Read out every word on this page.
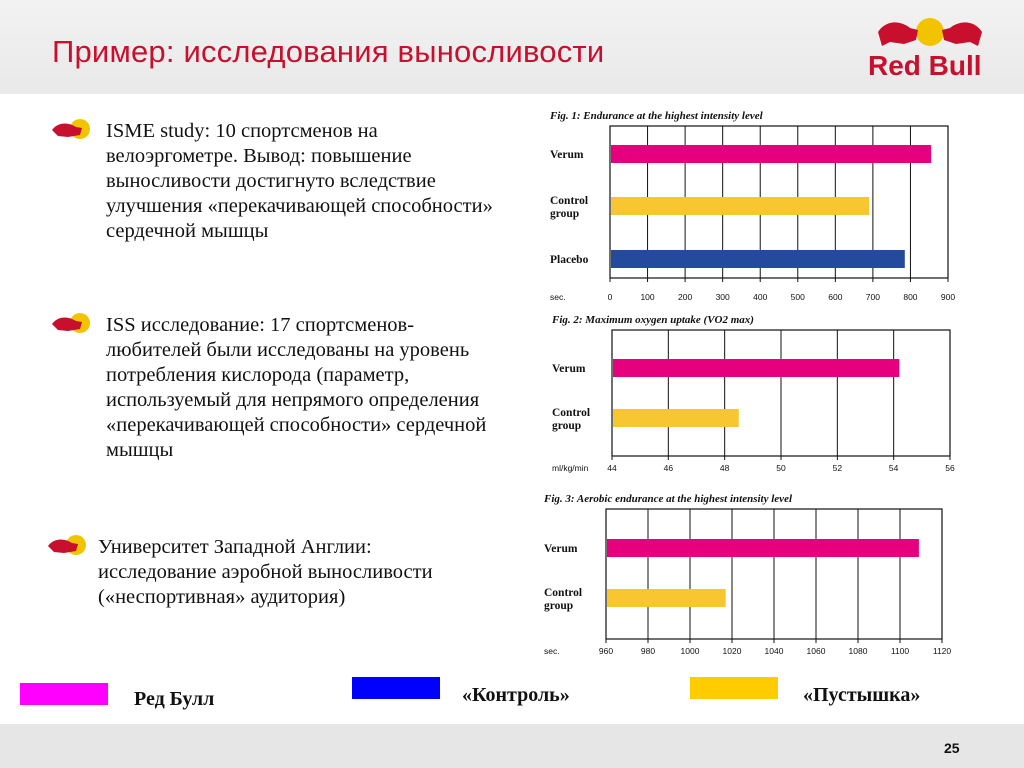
Пример: исследования выносливости	Red Bull
ISME study: 10 спортсменов на велоэргометре. Вывод: повышение выносливости достигнуто вследствие улучшения «перекачивающей способности» сердечной мышцы
ISS исследование: 17 спортсменов-любителей были исследованы на уровень потребления кислорода (параметр, используемый для непрямого определения «перекачивающей способности» сердечной мышцы
Университет Западной Англии: исследование аэробной выносливости («неспортивная» аудитория)
Fig. 1: Endurance at the highest intensity level
0	100	200	300	400	500	600	700	800	900
sec.
Verum
Control
group
Placebo
Fig. 2: Maximum oxygen uptake (VO2 max)
44	46	48	50	52	54	56
ml/kg/min
Verum
Control
group
Fig. 3: Aerobic endurance at the highest intensity level
960	980	1000	1020	1040	1060	1080	1100	1120
sec.
Verum
Control
group
Ред Булл	«Контроль»	«Пустышка»
25
